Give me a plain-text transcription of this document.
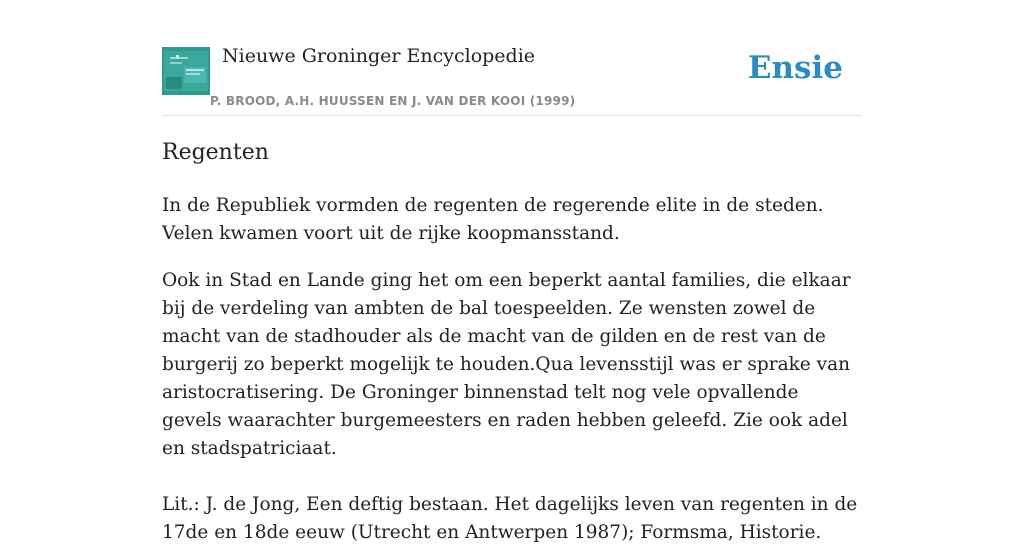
Nieuwe Groninger Encyclopedie
P. BROOD, A.H. HUUSSEN EN J. VAN DER KOOI (1999)
Ensie
Regenten

In de Republiek vormden de regenten de regerende elite in de steden. Velen kwamen voort uit de rijke koopmansstand.

Ook in Stad en Lande ging het om een beperkt aantal families, die elkaar bij de verdeling van ambten de bal toespeelden. Ze wensten zowel de macht van de stadhouder als de macht van de gilden en de rest van de burgerij zo beperkt mogelijk te houden.Qua levensstijl was er sprake van aristocratisering. De Groninger binnenstad telt nog vele opvallende gevels waarachter burgemeesters en raden hebben geleefd. Zie ook adel en stadspatriciaat.

Lit.: J. de Jong, Een deftig bestaan. Het dagelijks leven van regenten in de 17de en 18de eeuw (Utrecht en Antwerpen 1987); Formsma, Historie.
